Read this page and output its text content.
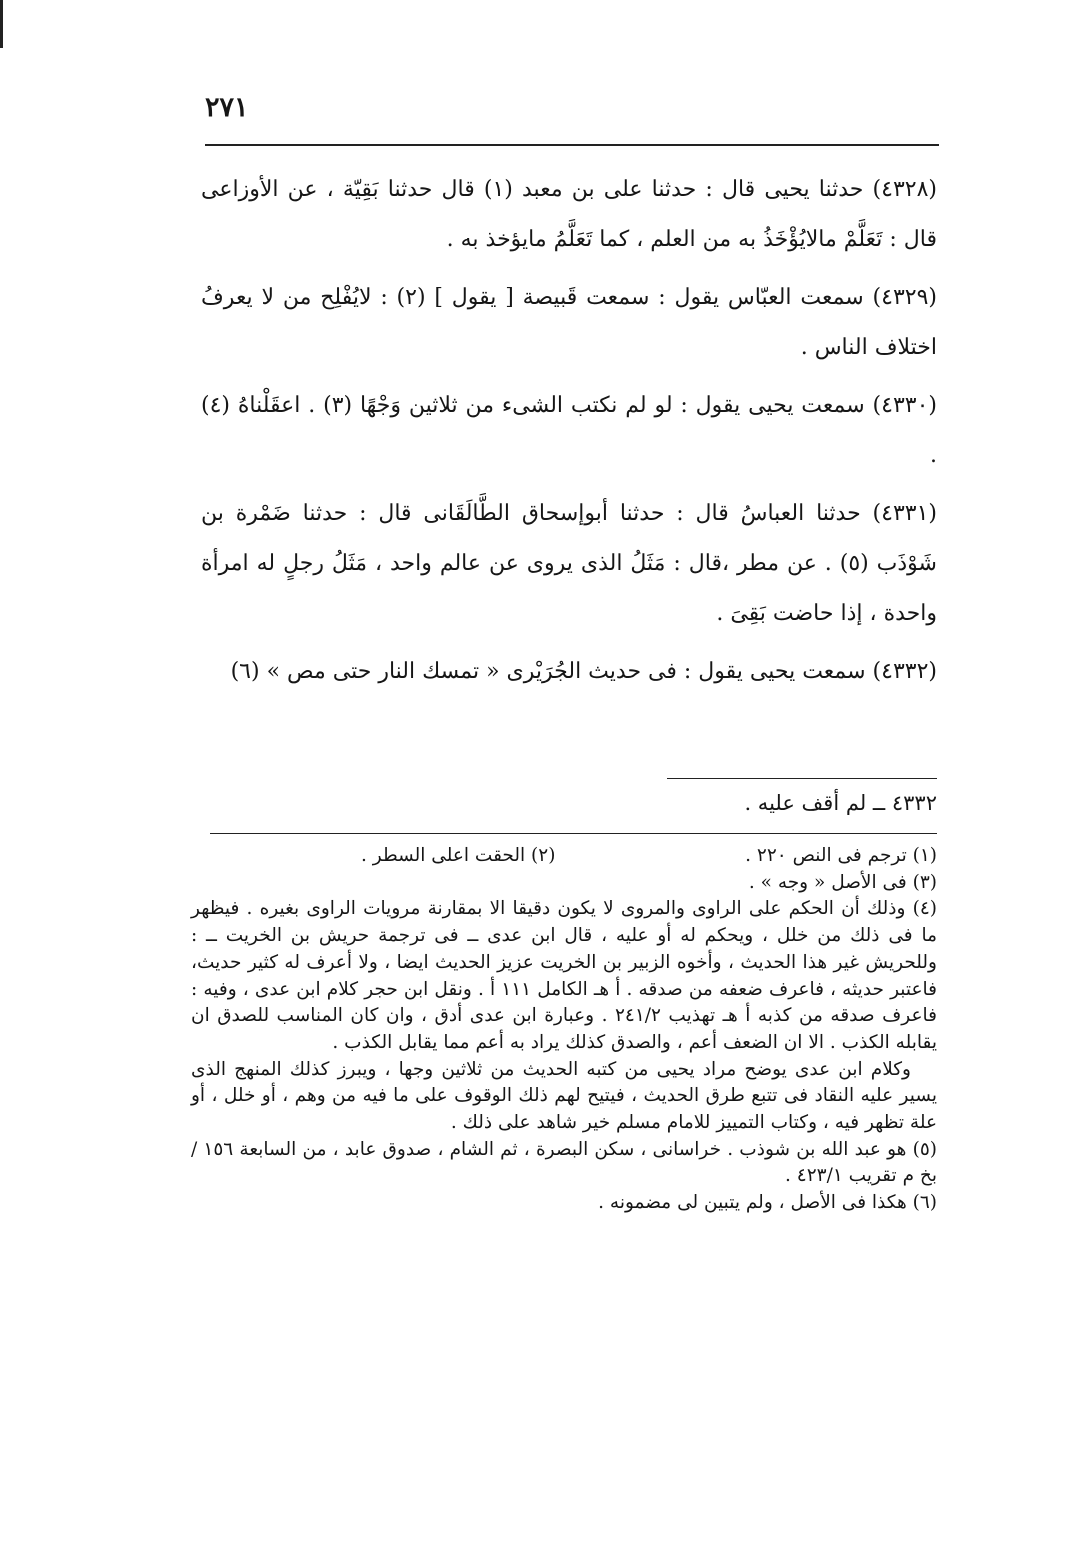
٢٧١

(٤٣٢٨) حدثنا يحيى قال : حدثنا على بن معبد (١) قال حدثنا بَقِيّة ، عن الأوزاعى قال : تَعَلَّمْ مالايُؤْخَذُ به من العلم ، كما تَعَلَّمُ مايؤخذ به .

(٤٣٢٩) سمعت العبّاس يقول : سمعت قَبيصة [ يقول ] (٢) : لايُفْلِح من لا يعرفُ اختلاف الناس .

(٤٣٣٠) سمعت يحيى يقول : لو لم نكتب الشىء من ثلاثين وَجْهًا (٣) . اعقَلْناهُ (٤) .

(٤٣٣١) حدثنا العباسُ قال : حدثنا أبوإسحاق الطَّالَقَانى قال : حدثنا ضَمْرة بن شَوْذَب (٥) . عن مطر ،قال : مَثَلُ الذى يروى عن عالم واحد ، مَثَلُ رجلٍ له امرأة واحدة ، إذا حاضت بَقِىَ .

(٤٣٣٢) سمعت يحيى يقول : فى حديث الجُرَيْرى « تمسك النار حتى مص » (٦)

٤٣٣٢ ــ لم أقف عليه .
(١) ترجم فى النص ٢٢٠ .
(٢) الحقت اعلى السطر .

(٣) فى الأصل « وجه » .

(٤) وذلك أن الحكم على الراوى والمروى لا يكون دقيقا الا بمقارنة مرويات الراوى بغيره . فيظهر ما فى ذلك من خلل ، ويحكم له أو عليه ، قال ابن عدى ــ فى ترجمة حريش بن الخريت ــ : وللحريش غير هذا الحديث ، وأخوه الزبير بن الخريت عزيز الحديث ايضا ، ولا أعرف له كثير حديث، فاعتبر حديثه ، فاعرف ضعفه من صدقه . أ هـ الكامل ١١١ أ . ونقل ابن حجر كلام ابن عدى ، وفيه : فاعرف صدقه من كذبه أ هـ تهذيب ٢٤١/٢ . وعبارة ابن عدى أدق ، وان كان المناسب للصدق ان يقابله الكذب . الا ان الضعف أعم ، والصدق كذلك يراد به أعم مما يقابل الكذب .

وكلام ابن عدى يوضح مراد يحيى من كتبه الحديث من ثلاثين وجها ، ويبرز كذلك المنهج الذى يسير عليه النقاد فى تتبع طرق الحديث ، فيتيح لهم ذلك الوقوف على ما فيه من وهم ، أو خلل ، أو علة تظهر فيه ، وكتاب التمييز للامام مسلم خير شاهد على ذلك .

(٥) هو عبد الله بن شوذب . خراسانى ، سكن البصرة ، ثم الشام ، صدوق عابد ، من السابعة ١٥٦ /بخ م تقريب ٤٢٣/١ .

(٦) هكذا فى الأصل ، ولم يتبين لى مضمونه .
